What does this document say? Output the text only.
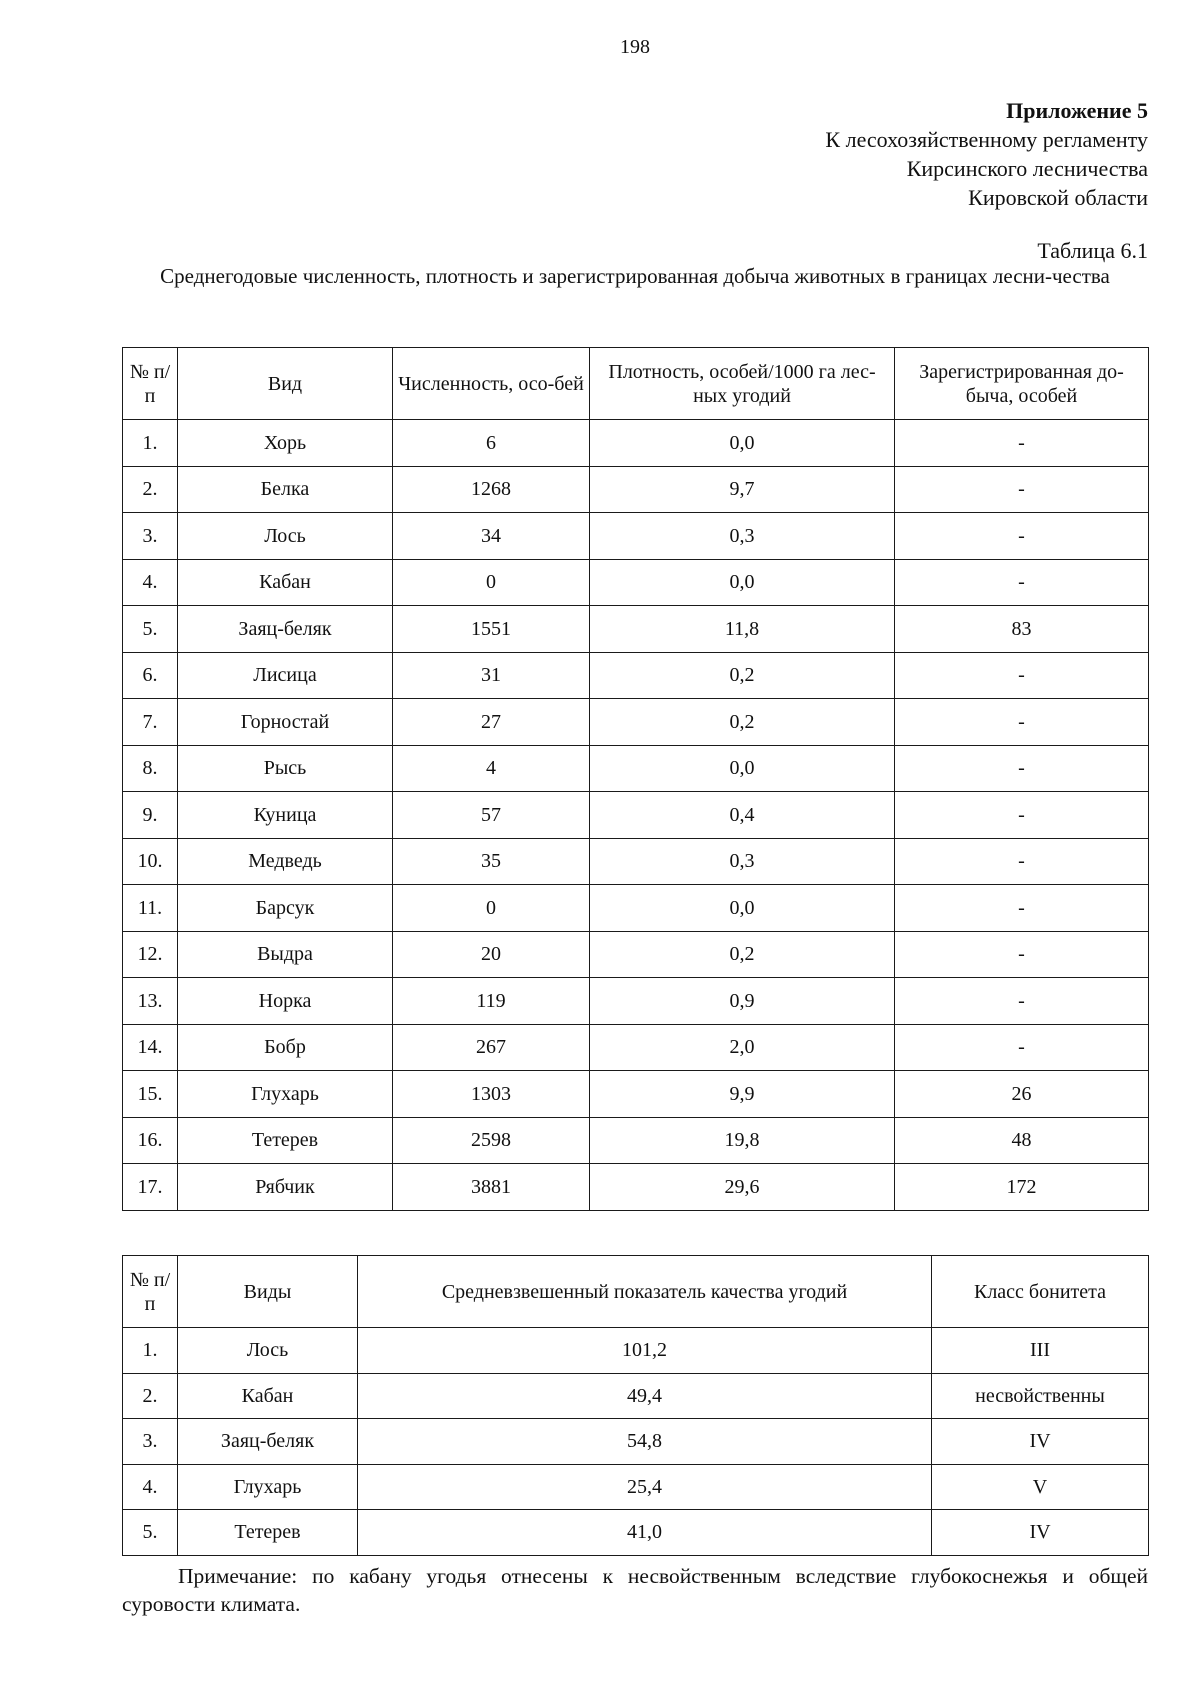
198
Приложение 5
К лесохозяйственному регламенту
Кирсинского лесничества
Кировской области
Таблица 6.1
Среднегодовые численность, плотность и зарегистрированная добыча животных в границах лесни-чества
№ п/п	Вид	Численность, осо-бей	Плотность, особей/1000 га лес-ных угодий	Зарегистрированная до-быча, особей
1.	Хорь	6	0,0	-
2.	Белка	1268	9,7	-
3.	Лось	34	0,3	-
4.	Кабан	0	0,0	-
5.	Заяц-беляк	1551	11,8	83
6.	Лисица	31	0,2	-
7.	Горностай	27	0,2	-
8.	Рысь	4	0,0	-
9.	Куница	57	0,4	-
10.	Медведь	35	0,3	-
11.	Барсук	0	0,0	-
12.	Выдра	20	0,2	-
13.	Норка	119	0,9	-
14.	Бобр	267	2,0	-
15.	Глухарь	1303	9,9	26
16.	Тетерев	2598	19,8	48
17.	Рябчик	3881	29,6	172
№ п/п	Виды	Средневзвешенный показатель качества угодий	Класс бонитета
1.	Лось	101,2	III
2.	Кабан	49,4	несвойственны
3.	Заяц-беляк	54,8	IV
4.	Глухарь	25,4	V
5.	Тетерев	41,0	IV
Примечание: по кабану угодья отнесены к несвойственным вследствие глубокоснежья и общей суровости климата.
